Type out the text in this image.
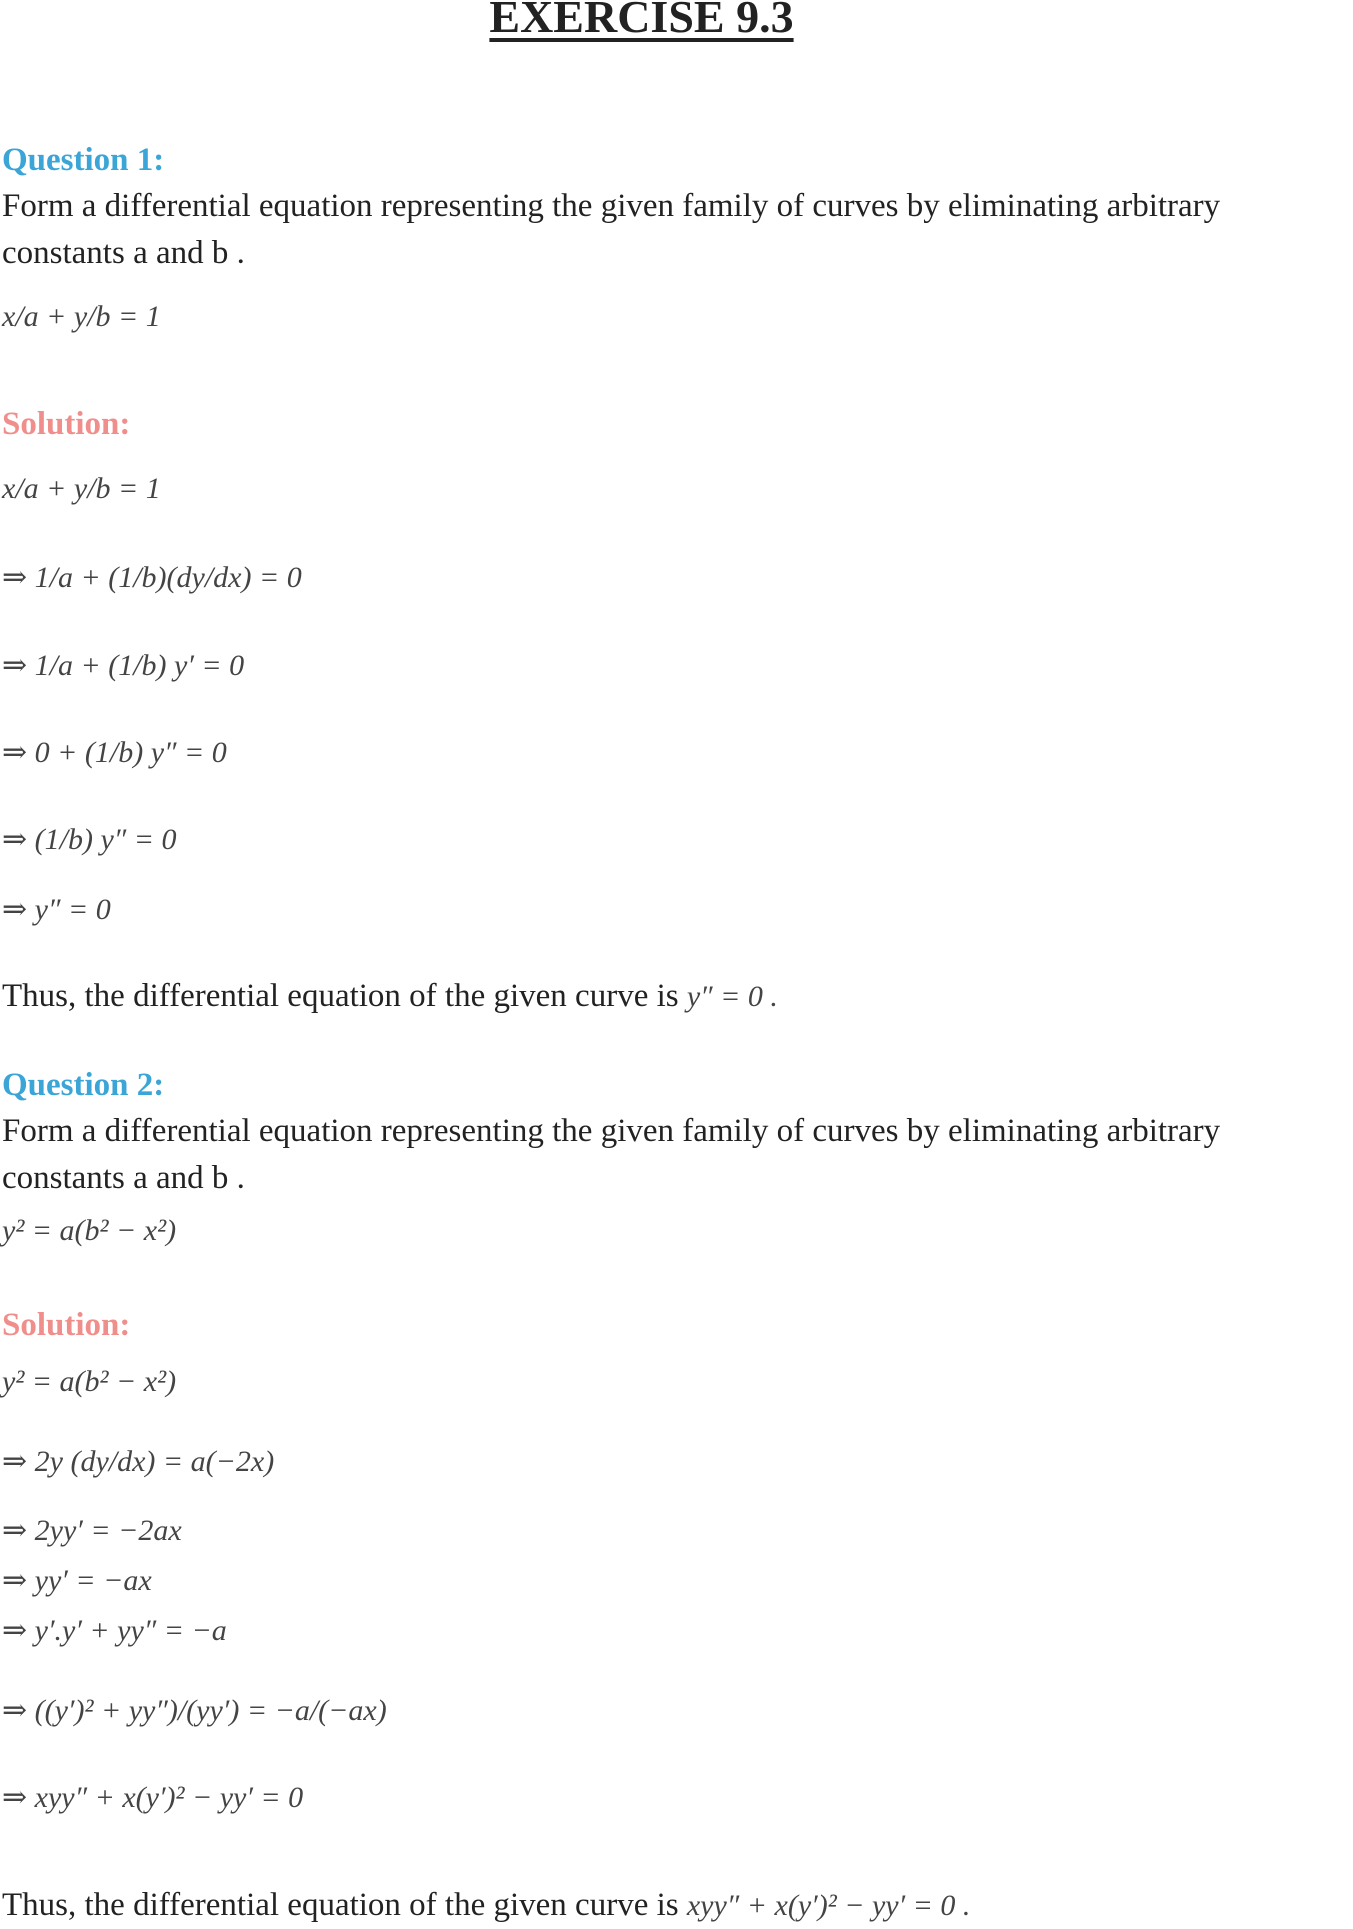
EXERCISE 9.3
Question 1:

Form a differential equation representing the given family of curves by eliminating arbitrary
constants a and b .

x/a + y/b = 1

Solution:

x/a + y/b = 1

⇒ 1/a + (1/b)(dy/dx) = 0

⇒ 1/a + (1/b) y′ = 0

⇒ 0 + (1/b) y″ = 0

⇒ (1/b) y″ = 0

⇒ y″ = 0

Thus, the differential equation of the given curve is y″ = 0 .

Question 2:

Form a differential equation representing the given family of curves by eliminating arbitrary
constants a and b .

y² = a(b² − x²)

Solution:

y² = a(b² − x²)

⇒ 2y (dy/dx) = a(−2x)

⇒ 2yy′ = −2ax

⇒ yy′ = −ax

⇒ y′.y′ + yy″ = −a

⇒ ((y′)² + yy″)/(yy′) = −a/(−ax)

⇒ xyy″ + x(y′)² − yy′ = 0

Thus, the differential equation of the given curve is xyy″ + x(y′)² − yy′ = 0 .
